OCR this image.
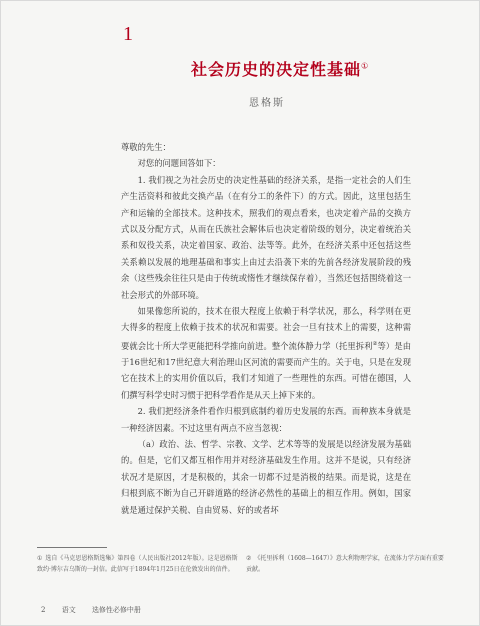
1
社会历史的决定性基础①
恩格斯

尊敬的先生：

对您的问题回答如下：

1. 我们视之为社会历史的决定性基础的经济关系，是指一定社会的人们生产生活资料和彼此交换产品（在有分工的条件下）的方式。因此，这里包括生产和运输的全部技术。这种技术，照我们的观点看来，也决定着产品的交换方式以及分配方式，从而在氏族社会解体后也决定着阶级的划分，决定着统治关系和奴役关系，决定着国家、政治、法等等。此外，在经济关系中还包括这些关系赖以发展的地理基础和事实上由过去沿袭下来的先前各经济发展阶段的残余（这些残余往往只是由于传统或惰性才继续保存着），当然还包括围绕着这一社会形式的外部环境。

如果像您所说的，技术在很大程度上依赖于科学状况，那么，科学则在更大得多的程度上依赖于技术的状况和需要。社会一旦有技术上的需要，这种需要就会比十所大学更能把科学推向前进。整个流体静力学（托里拆利②等）是由于16世纪和17世纪意大利治理山区河流的需要而产生的。关于电，只是在发现它在技术上的实用价值以后，我们才知道了一些理性的东西。可惜在德国，人们撰写科学史时习惯于把科学看作是从天上掉下来的。

2. 我们把经济条件看作归根到底制约着历史发展的东西。而种族本身就是一种经济因素。不过这里有两点不应当忽视：

（a）政治、法、哲学、宗教、文学、艺术等等的发展是以经济发展为基础的。但是，它们又都互相作用并对经济基础发生作用。这并不是说，只有经济状况才是原因，才是积极的，其余一切都不过是消极的结果。而是说，这是在归根到底不断为自己开辟道路的经济必然性的基础上的相互作用。例如，国家就是通过保护关税、自由贸易、好的或者坏

① 选自《马克思恩格斯选集》第四卷（人民出版社2012年版）。这是恩格斯致约·博尔吉乌斯的一封信。此信写于1894年1月25日在伦敦发出的信件。

② 《托里拆利（1608—1647）》意大利物理学家，在流体力学方面有重要贡献。

2 语文 选修性必修中册
